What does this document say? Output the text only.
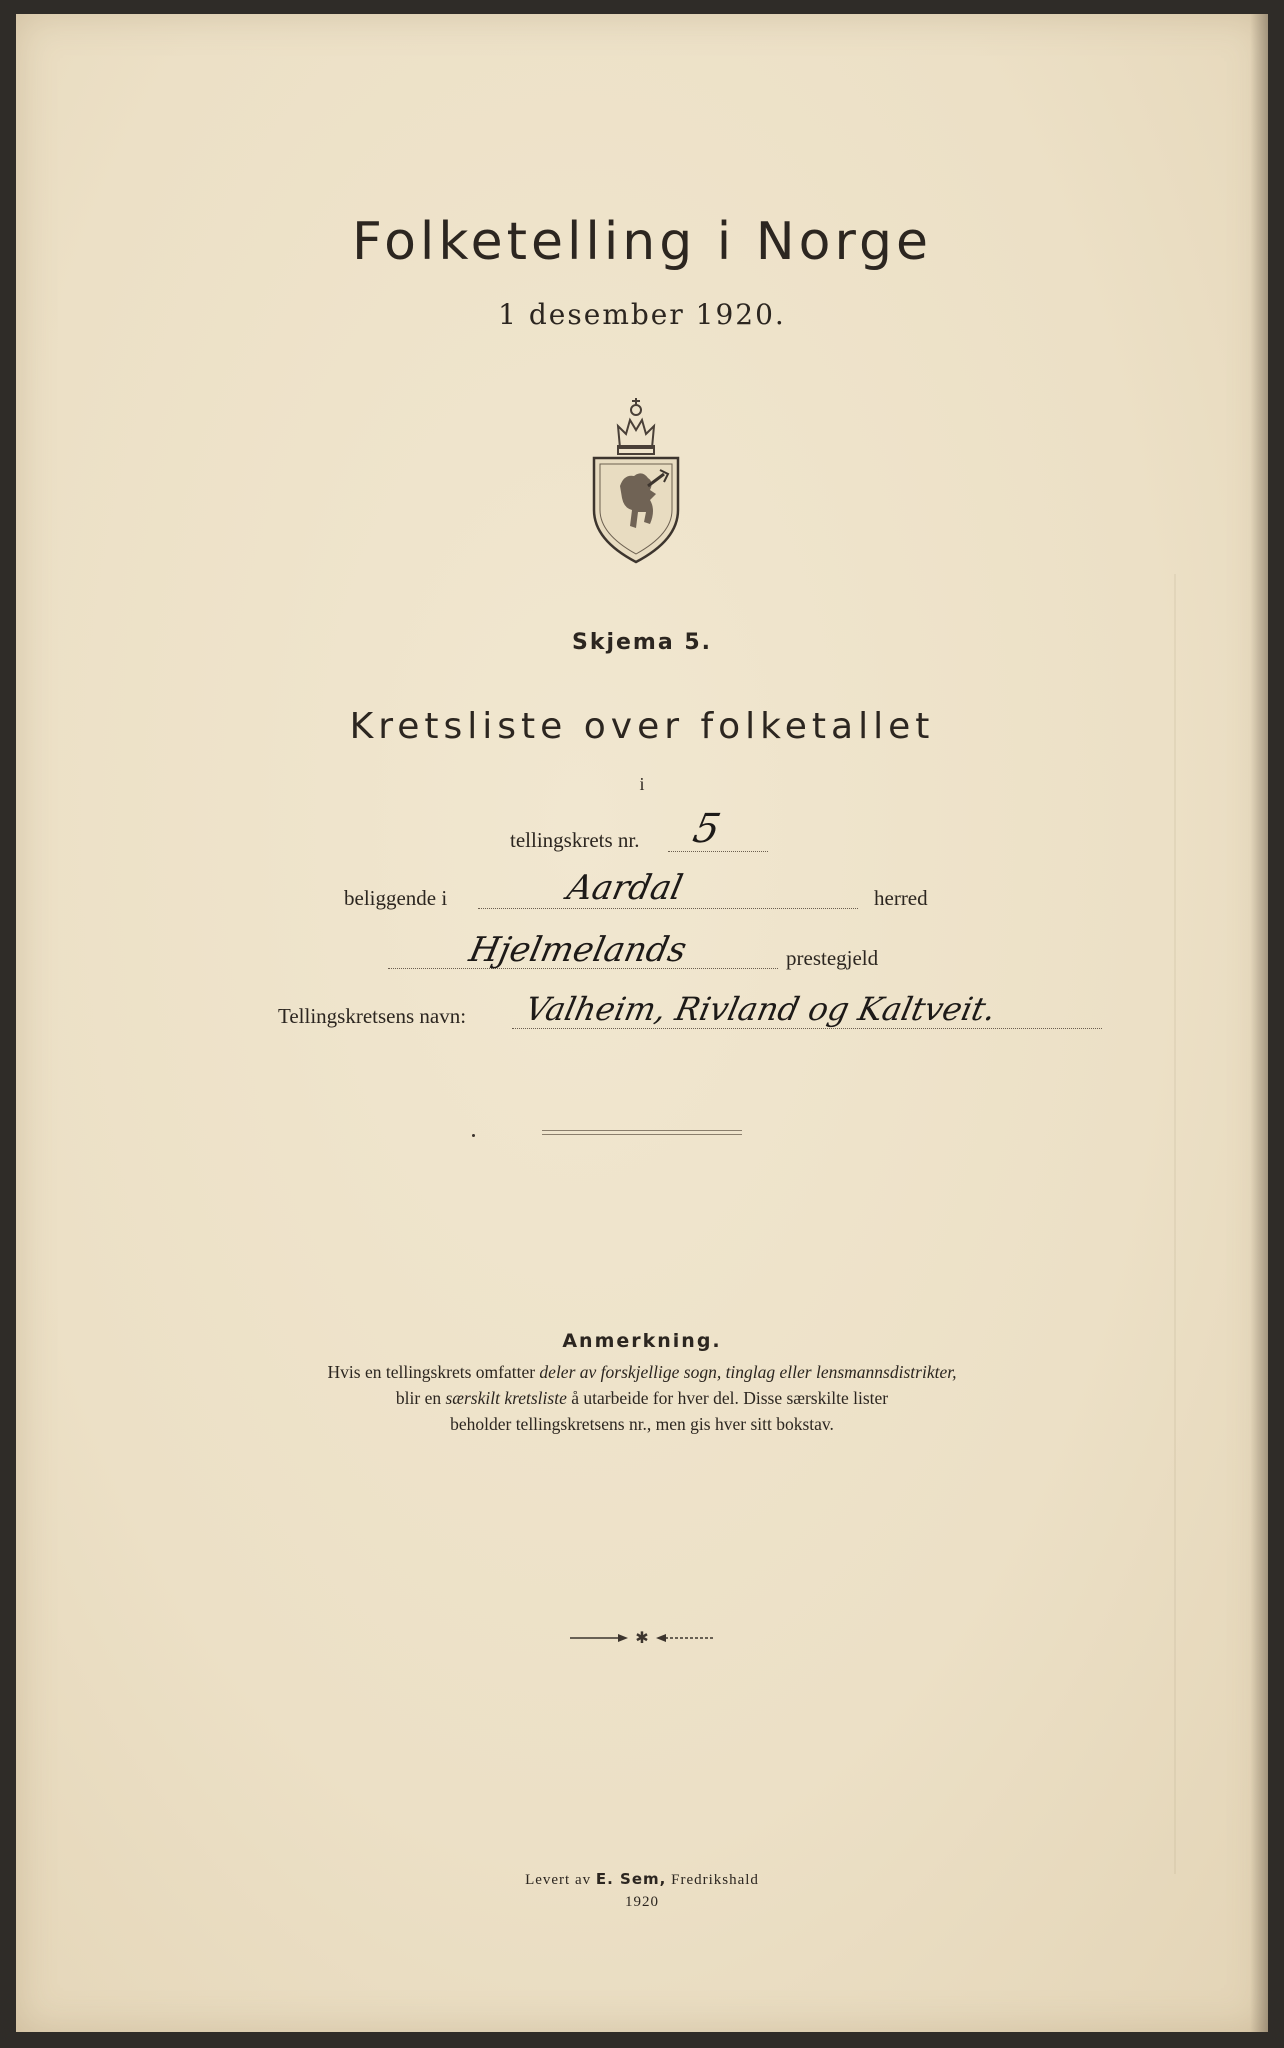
Folketelling i Norge
1 desember 1920.
Skjema 5.
Kretsliste over folketallet
i
tellingskrets nr. 5
beliggende i	Aardal	herred
Hjelmelands	prestegjeld
Tellingskretsens navn: Valheim, Rivland og Kaltveit.
Anmerkning.
Hvis en tellingskrets omfatter deler av forskjellige sogn, tinglag eller lensmannsdistrikter,
blir en særskilt kretsliste å utarbeide for hver del. Disse særskilte lister
beholder tellingskretsens nr., men gis hver sitt bokstav.
✱
Levert av E. Sem, Fredrikshald
1920
